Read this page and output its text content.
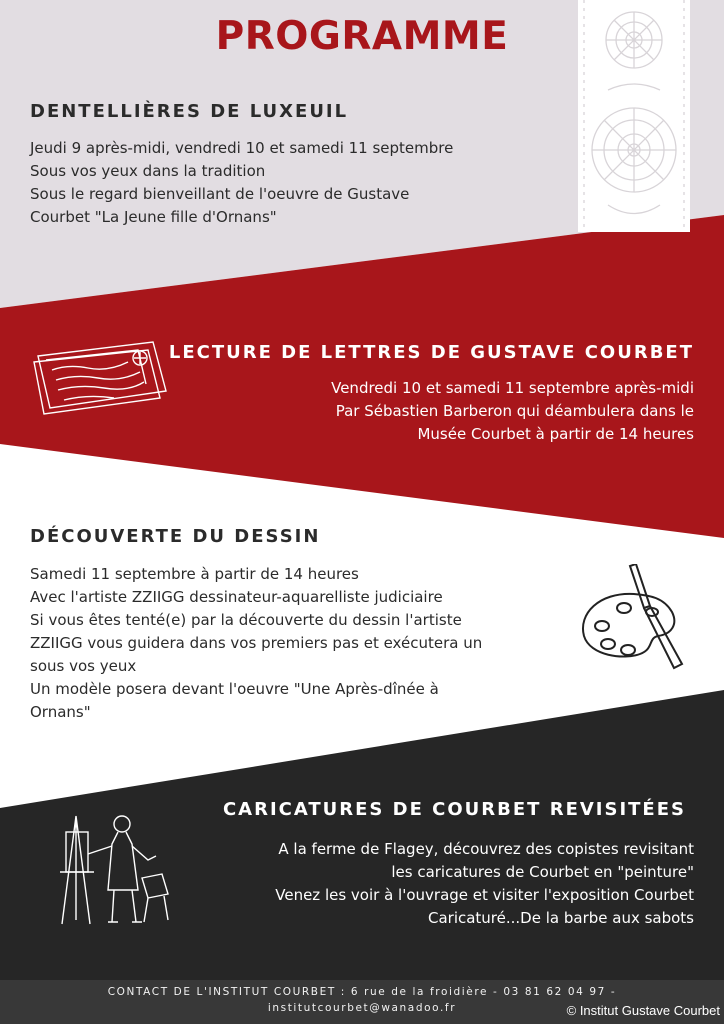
PROGRAMME
DENTELLIÈRES DE LUXEUIL
Jeudi 9 après-midi, vendredi 10 et samedi 11 septembre
Sous vos yeux dans la tradition
Sous le regard bienveillant de l'oeuvre de Gustave
Courbet "La Jeune fille d'Ornans"
LECTURE DE LETTRES DE GUSTAVE COURBET
Vendredi 10 et samedi 11 septembre après-midi
Par Sébastien Barberon qui déambulera dans le
Musée Courbet à partir de 14 heures
DÉCOUVERTE DU DESSIN
Samedi 11 septembre à partir de 14 heures
Avec l'artiste ZZIIGG dessinateur-aquarelliste judiciaire
Si vous êtes tenté(e) par la découverte du dessin l'artiste
ZZIIGG vous guidera dans vos premiers pas et exécutera un
sous vos yeux
Un modèle posera devant l'oeuvre "Une Après-dînée à
Ornans"
CARICATURES DE COURBET REVISITÉES
A la ferme de Flagey, découvrez des copistes revisitant
les caricatures de Courbet en "peinture"
Venez les voir à l'ouvrage et visiter l'exposition Courbet
Caricaturé...De la barbe aux sabots
CONTACT DE L'INSTITUT COURBET : 6 rue de la froidière - 03 81 62 04 97 -
institutcourbet@wanadoo.fr	© Institut Gustave Courbet
